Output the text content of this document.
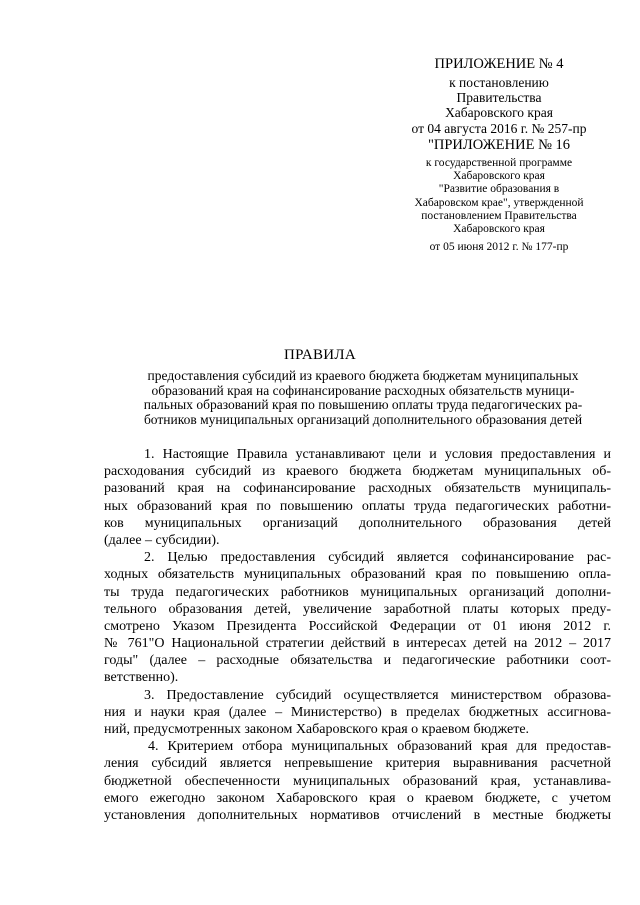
ПРИЛОЖЕНИЕ № 4
к постановлению
Правительства
Хабаровского края
от 04 августа 2016 г. № 257-пр
"ПРИЛОЖЕНИЕ № 16
к государственной программе
Хабаровского края
"Развитие образования в
Хабаровском крае", утвержденной
постановлением Правительства
Хабаровского края
от 05 июня 2012 г. № 177-пр
ПРАВИЛА
предоставления субсидий из краевого бюджета бюджетам муниципальных
образований края на софинансирование расходных обязательств муници-
пальных образований края по повышению оплаты труда педагогических ра-
ботников муниципальных организаций дополнительного образования детей
1. Настоящие Правила устанавливают цели и условия предоставления и
расходования субсидий из краевого бюджета бюджетам муниципальных об-
разований края на софинансирование расходных обязательств муниципаль-
ных образований края по повышению оплаты труда педагогических работни-
ков муниципальных организаций дополнительного образования детей
(далее – субсидии).
2. Целью предоставления субсидий является софинансирование рас-
ходных обязательств муниципальных образований края по повышению опла-
ты труда педагогических работников муниципальных организаций дополни-
тельного образования детей, увеличение заработной платы которых преду-
смотрено Указом Президента Российской Федерации от 01 июня 2012 г.
№ 761"О Национальной стратегии действий в интересах детей на 2012 – 2017
годы" (далее – расходные обязательства и педагогические работники соот-
ветственно).
3. Предоставление субсидий осуществляется министерством образова-
ния и науки края (далее – Министерство) в пределах бюджетных ассигнова-
ний, предусмотренных законом Хабаровского края о краевом бюджете.
4. Критерием отбора муниципальных образований края для предостав-
ления субсидий является непревышение критерия выравнивания расчетной
бюджетной обеспеченности муниципальных образований края, устанавлива-
емого ежегодно законом Хабаровского края о краевом бюджете, с учетом
установления дополнительных нормативов отчислений в местные бюджеты
